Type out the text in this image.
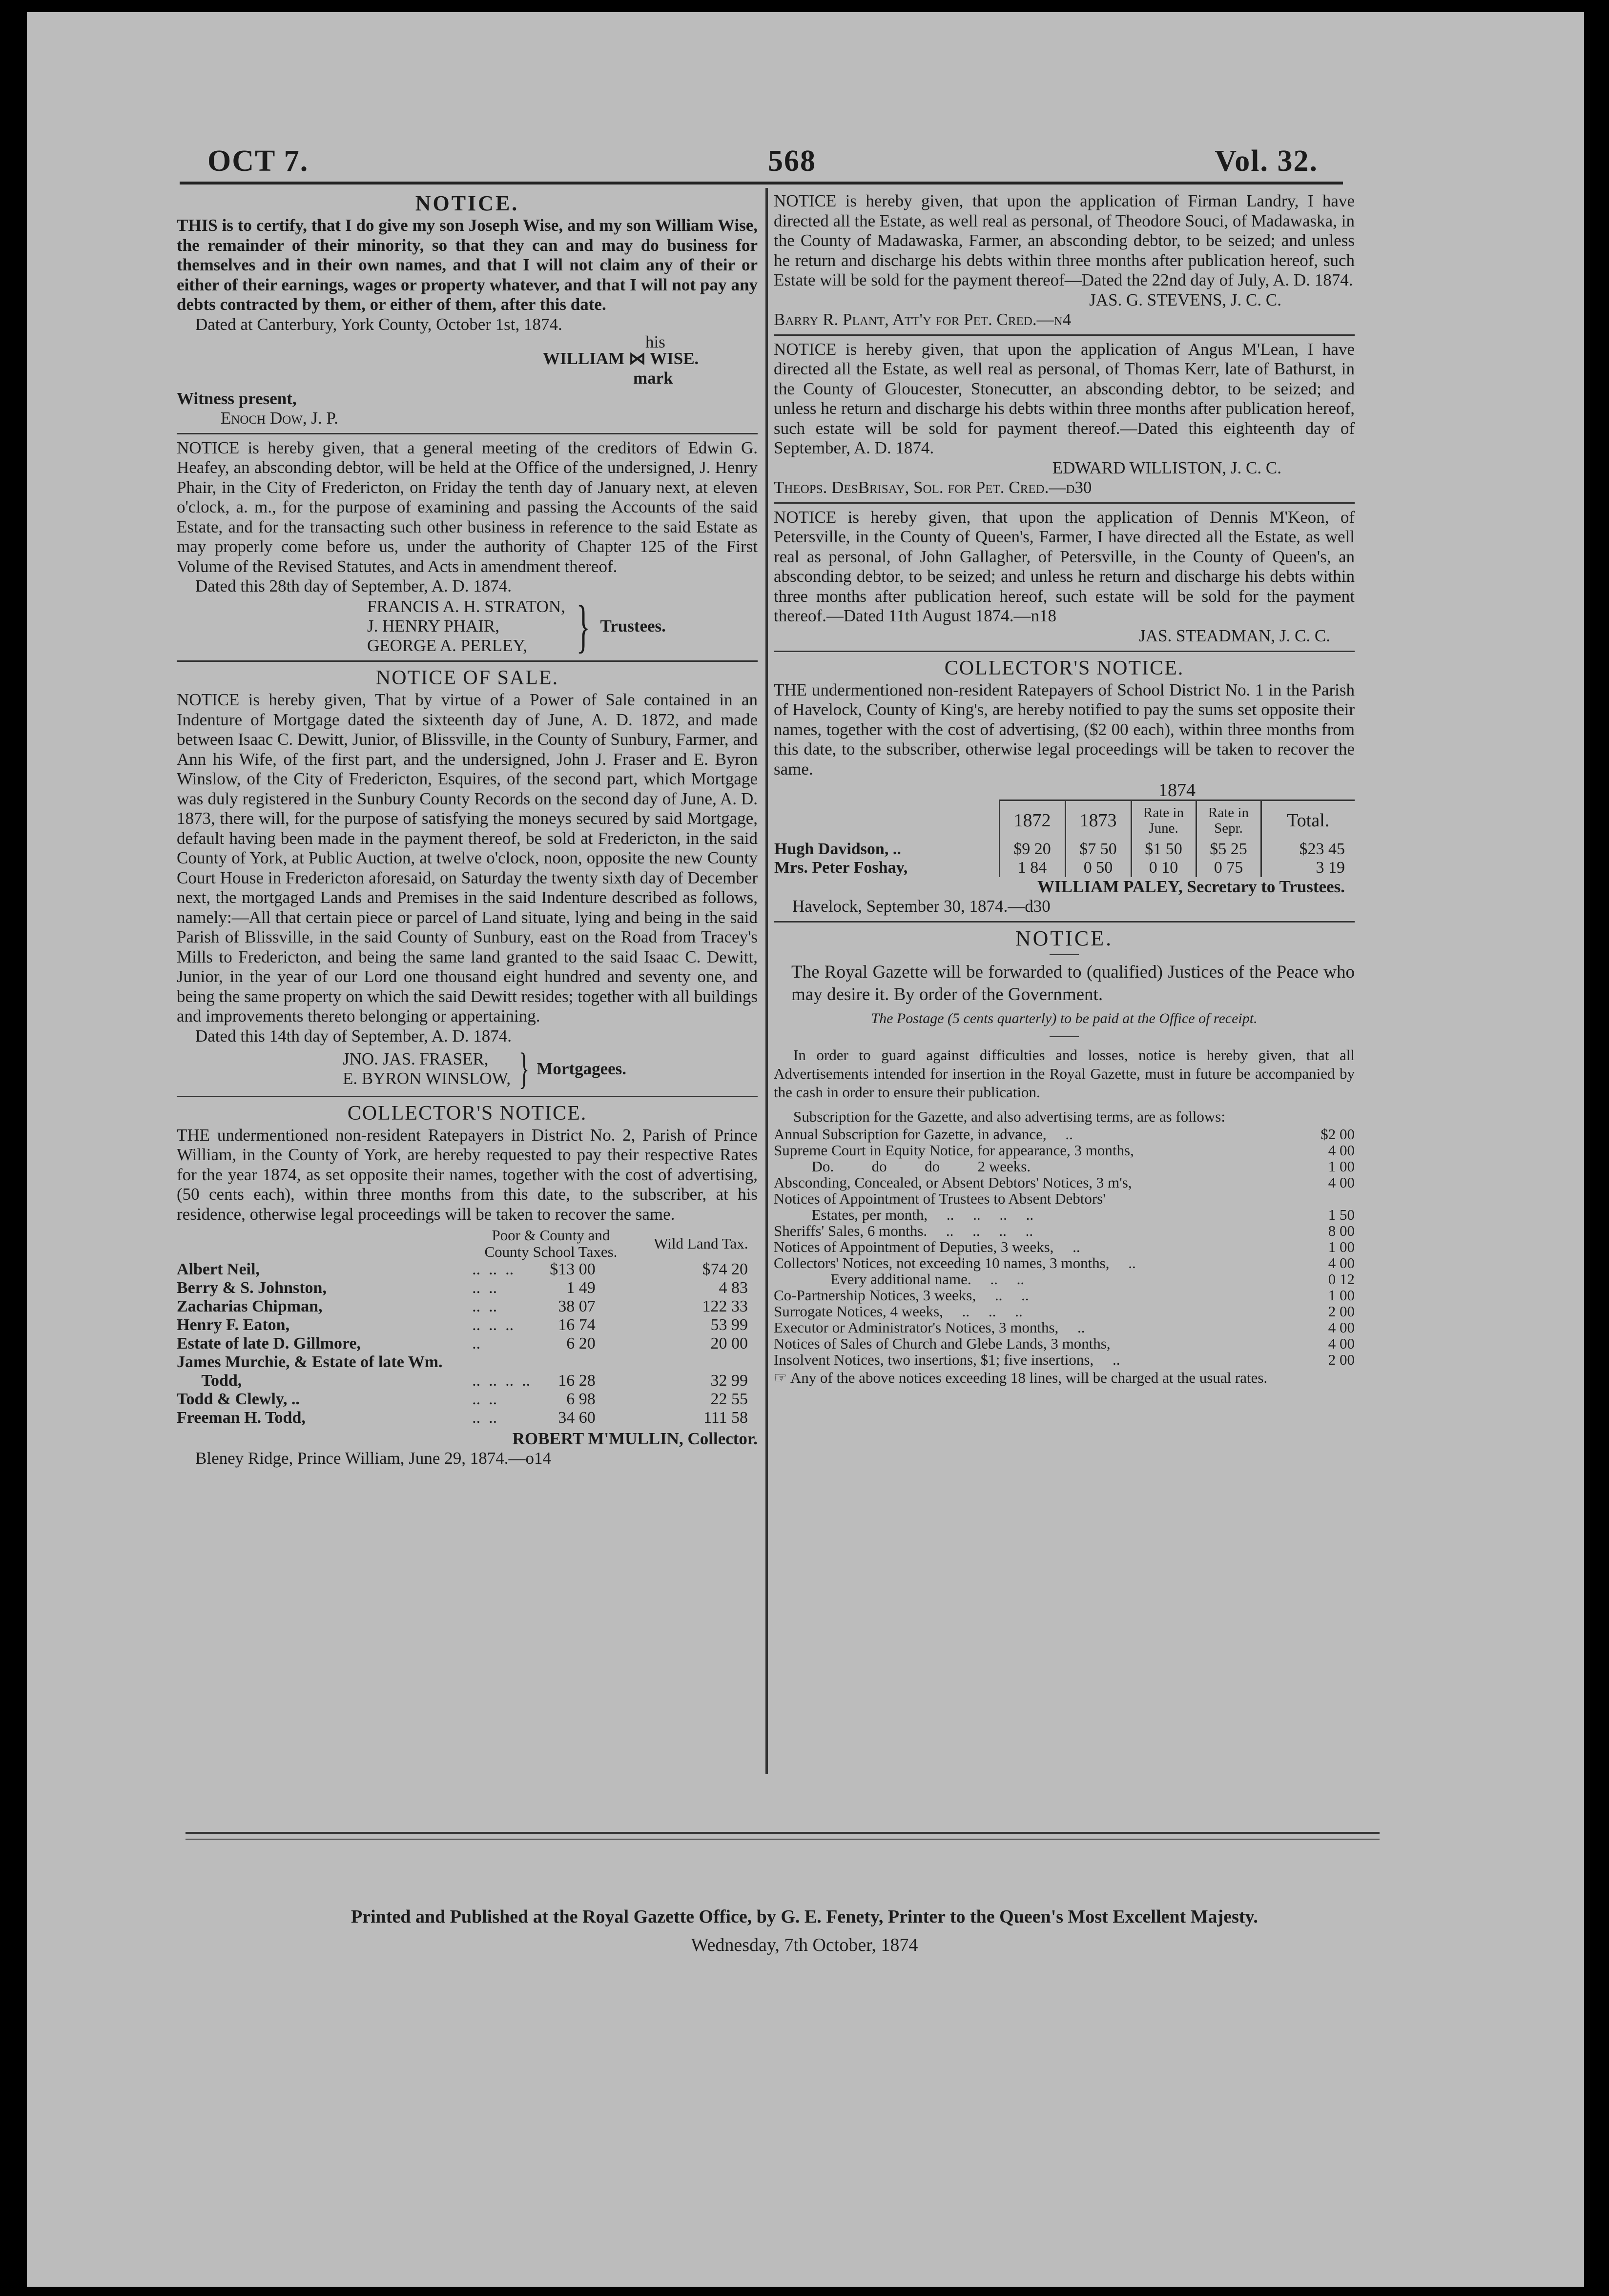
OCT 7.	568	Vol. 32.

NOTICE.

THIS is to certify, that I do give my son Joseph Wise, and my son William Wise, the remainder of their minority, so that they can and may do business for themselves and in their own names, and that I will not claim any of their or either of their earnings, wages or property whatever, and that I will not pay any debts contracted by them, or either of them, after this date.

Dated at Canterbury, York County, October 1st, 1874.

his
WILLIAM ⋈ WISE.
mark

Witness present,

Enoch Dow, J. P.

NOTICE is hereby given, that a general meeting of the creditors of Edwin G. Heafey, an absconding debtor, will be held at the Office of the undersigned, J. Henry Phair, in the City of Fredericton, on Friday the tenth day of January next, at eleven o'clock, a. m., for the purpose of examining and passing the Accounts of the said Estate, and for the transacting such other business in reference to the said Estate as may properly come before us, under the authority of Chapter 125 of the First Volume of the Revised Statutes, and Acts in amendment thereof.

Dated this 28th day of September, A. D. 1874.

FRANCIS A. H. STRATON,
J. HENRY PHAIR,
GEORGE A. PERLEY, } Trustees.

NOTICE OF SALE.

NOTICE is hereby given, That by virtue of a Power of Sale contained in an Indenture of Mortgage dated the sixteenth day of June, A. D. 1872, and made between Isaac C. Dewitt, Junior, of Blissville, in the County of Sunbury, Farmer, and Ann his Wife, of the first part, and the undersigned, John J. Fraser and E. Byron Winslow, of the City of Fredericton, Esquires, of the second part, which Mortgage was duly registered in the Sunbury County Records on the second day of June, A. D. 1873, there will, for the purpose of satisfying the moneys secured by said Mortgage, default having been made in the payment thereof, be sold at Fredericton, in the said County of York, at Public Auction, at twelve o'clock, noon, opposite the new County Court House in Fredericton aforesaid, on Saturday the twenty sixth day of December next, the mortgaged Lands and Premises in the said Indenture described as follows, namely:—All that certain piece or parcel of Land situate, lying and being in the said Parish of Blissville, in the said County of Sunbury, east on the Road from Tracey's Mills to Fredericton, and being the same land granted to the said Isaac C. Dewitt, Junior, in the year of our Lord one thousand eight hundred and seventy one, and being the same property on which the said Dewitt resides; together with all buildings and improvements thereto belonging or appertaining.

Dated this 14th day of September, A. D. 1874.

JNO. JAS. FRASER,
E. BYRON WINSLOW, } Mortgagees.

COLLECTOR'S NOTICE.

THE undermentioned non-resident Ratepayers in District No. 2, Parish of Prince William, in the County of York, are hereby requested to pay their respective Rates for the year 1874, as set opposite their names, together with the cost of advertising, (50 cents each), within three months from this date, to the subscriber, at his residence, otherwise legal proceedings will be taken to recover the same.

	Poor & County and County School Taxes.	Wild Land Tax.
Albert Neil,	..  ..  .. $13 00	$74 20
Berry & S. Johnston,	..  .. 1 49	4 83
Zacharias Chipman,	..  .. 38 07	122 33
Henry F. Eaton,	..  ..  .. 16 74	53 99
Estate of late D. Gillmore,	.. 6 20	20 00
James Murchie, & Estate of late Wm.	

Todd,	..  ..  ..  .. 16 28	32 99
Todd & Clewly, ..	..  .. 6 98	22 55
Freeman H. Todd,	..  .. 34 60	111 58

ROBERT M'MULLIN, Collector.

Bleney Ridge, Prince William, June 29, 1874.—o14

NOTICE is hereby given, that upon the application of Firman Landry, I have directed all the Estate, as well real as personal, of Theodore Souci, of Madawaska, in the County of Madawaska, Farmer, an absconding debtor, to be seized; and unless he return and discharge his debts within three months after publication hereof, such Estate will be sold for the payment thereof—Dated the 22nd day of July, A. D. 1874.

JAS. G. STEVENS, J. C. C.

Barry R. Plant, Att'y for Pet. Cred.—n4

NOTICE is hereby given, that upon the application of Angus M'Lean, I have directed all the Estate, as well real as personal, of Thomas Kerr, late of Bathurst, in the County of Gloucester, Stonecutter, an absconding debtor, to be seized; and unless he return and discharge his debts within three months after publication hereof, such estate will be sold for payment thereof.—Dated this eighteenth day of September, A. D. 1874.

EDWARD WILLISTON, J. C. C.

Theops. DesBrisay, Sol. for Pet. Cred.—d30

NOTICE is hereby given, that upon the application of Dennis M'Keon, of Petersville, in the County of Queen's, Farmer, I have directed all the Estate, as well real as personal, of John Gallagher, of Petersville, in the County of Queen's, an absconding debtor, to be seized; and unless he return and discharge his debts within three months after publication hereof, such estate will be sold for the payment thereof.—Dated 11th August 1874.—n18

JAS. STEADMAN, J. C. C.

COLLECTOR'S NOTICE.

THE undermentioned non-resident Ratepayers of School District No. 1 in the Parish of Havelock, County of King's, are hereby notified to pay the sums set opposite their names, together with the cost of advertising, ($2 00 each), within three months from this date, to the subscriber, otherwise legal proceedings will be taken to recover the same.

	1874				
	1872	1873	Rate in June.	Rate in Sepr.	Total.
Hugh Davidson, ..	$9 20	$7 50	$1 50	$5 25	$23 45
Mrs. Peter Foshay,	1 84	0 50	0 10	0 75	3 19

WILLIAM PALEY, Secretary to Trustees.

Havelock, September 30, 1874.—d30

NOTICE.

The Royal Gazette will be forwarded to (qualified) Justices of the Peace who may desire it. By order of the Government.

The Postage (5 cents quarterly) to be paid at the Office of receipt.

In order to guard against difficulties and losses, notice is hereby given, that all Advertisements intended for insertion in the Royal Gazette, must in future be accompanied by the cash in order to ensure their publication.

Subscription for the Gazette, and also advertising terms, are as follows:

Annual Subscription for Gazette, in advance,     ..	$2 00
Supreme Court in Equity Notice, for appearance, 3 months,	4 00
Do.          do          do          2 weeks.	1 00
Absconding, Concealed, or Absent Debtors' Notices, 3 m's,	4 00
Notices of Appointment of Trustees to Absent Debtors'	
Estates, per month,     ..     ..     ..     ..	1 50
Sheriffs' Sales, 6 months.     ..     ..     ..     ..	8 00
Notices of Appointment of Deputies, 3 weeks,     ..	1 00
Collectors' Notices, not exceeding 10 names, 3 months,     ..	4 00
Every additional name.     ..     ..	0 12
Co-Partnership Notices, 3 weeks,     ..     ..	1 00
Surrogate Notices, 4 weeks,     ..     ..     ..	2 00
Executor or Administrator's Notices, 3 months,     ..	4 00
Notices of Sales of Church and Glebe Lands, 3 months,	4 00
Insolvent Notices, two insertions, $1; five insertions,     ..	2 00

☞ Any of the above notices exceeding 18 lines, will be charged at the usual rates.

Printed and Published at the Royal Gazette Office, by G. E. Fenety, Printer to the Queen's Most Excellent Majesty.
Wednesday, 7th October, 1874
